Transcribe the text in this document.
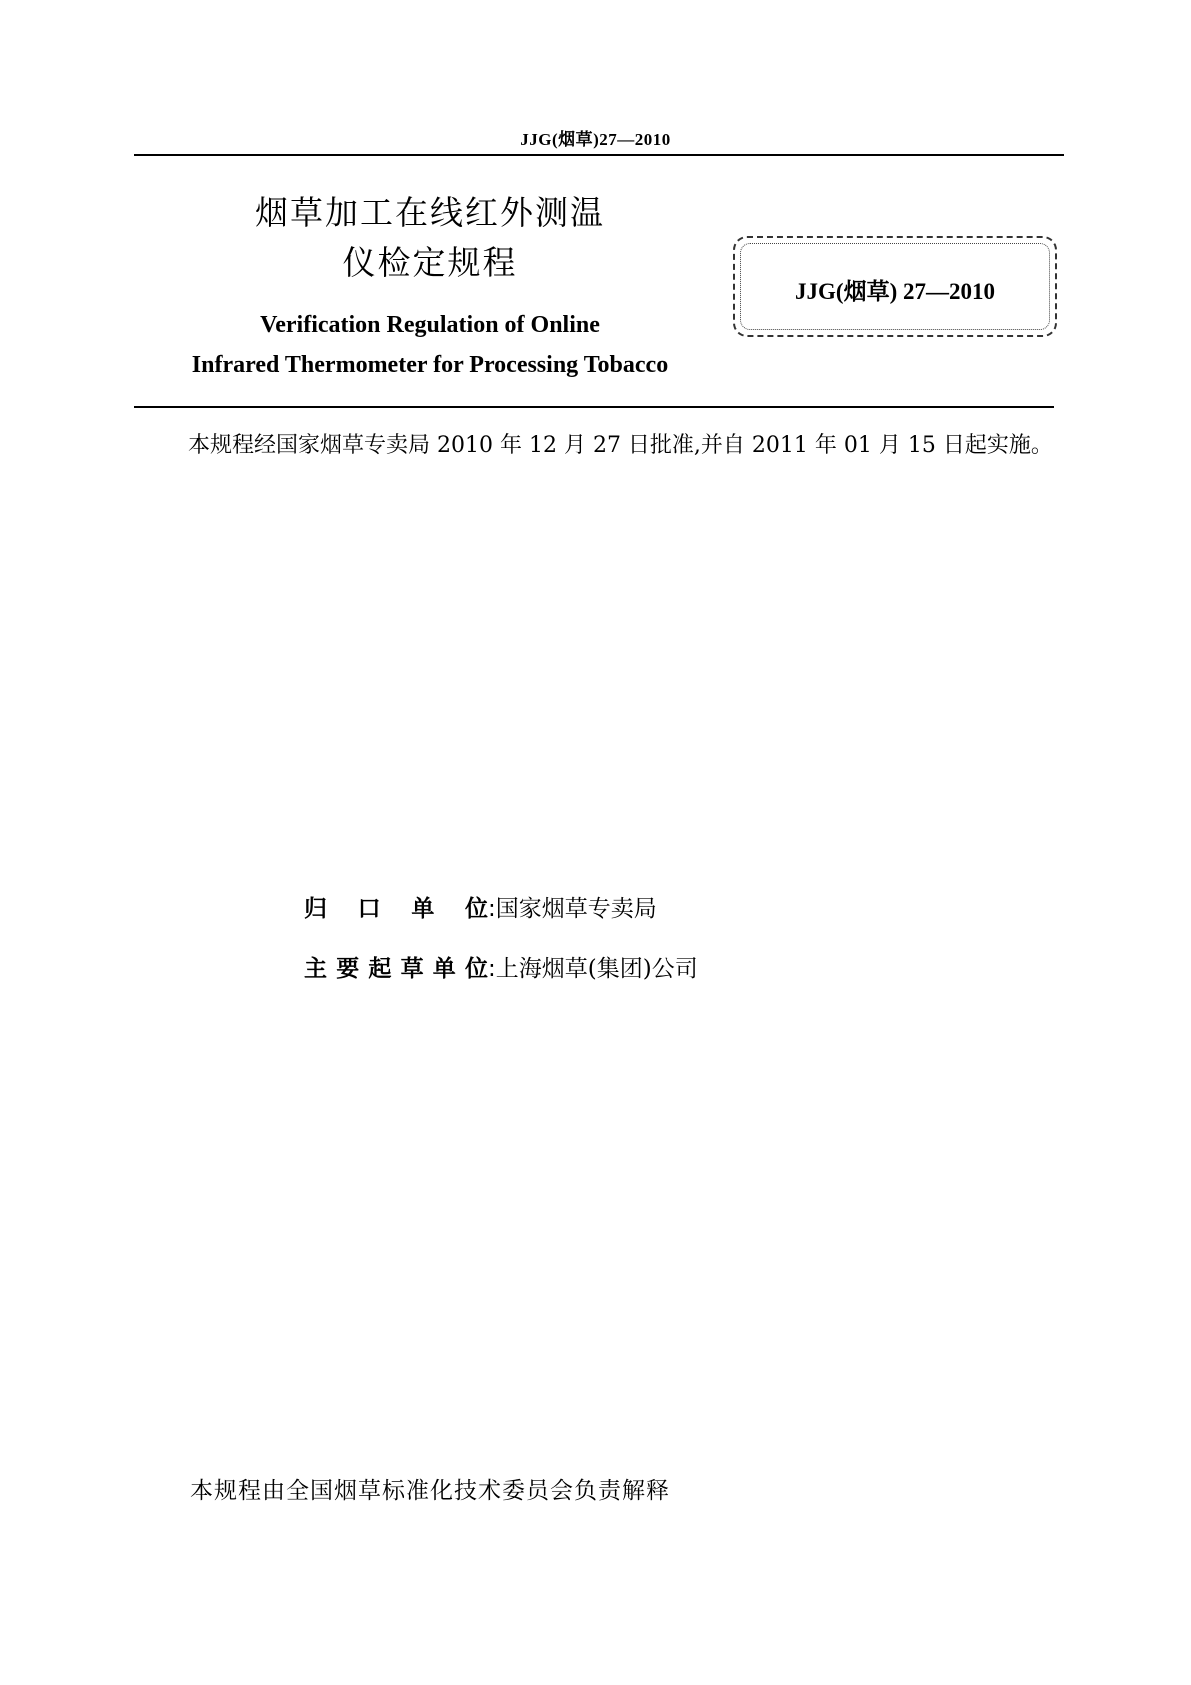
JJG(烟草)27—2010
烟草加工在线红外测温
仪检定规程
Verification Regulation of Online
Infrared Thermometer for Processing Tobacco
JJG(烟草) 27—2010
本规程经国家烟草专卖局 2010 年 12 月 27 日批准,并自 2011 年 01 月 15 日起实施。
归口单位:国家烟草专卖局
主要起草单位:上海烟草(集团)公司
本规程由全国烟草标准化技术委员会负责解释
